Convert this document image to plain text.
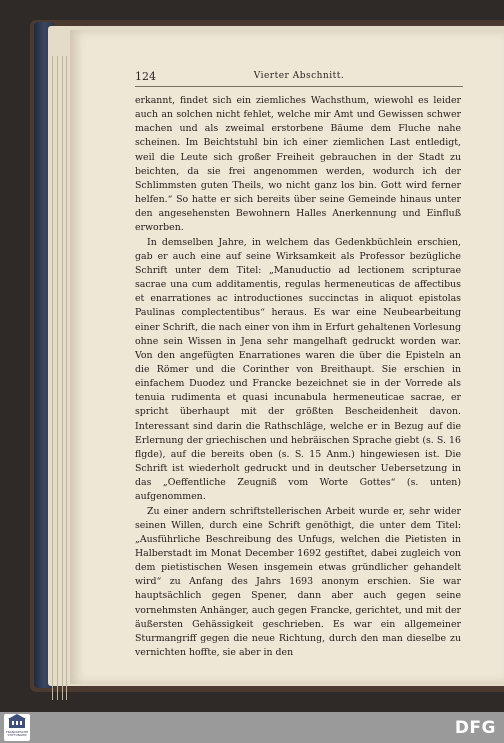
124	Vierter Abschnitt.

erkannt, findet sich ein ziemliches Wachsthum, wiewohl es leider auch an solchen nicht fehlet, welche mir Amt und Gewissen schwer machen und als zweimal erstorbene Bäume dem Fluche nahe scheinen. Im Beichtstuhl bin ich einer ziemlichen Last entledigt, weil die Leute sich großer Freiheit gebrauchen in der Stadt zu beichten, da sie frei angenommen werden, wodurch ich der Schlimmsten guten Theils, wo nicht ganz los bin. Gott wird ferner helfen.“ So hatte er sich bereits über seine Gemeinde hinaus unter den angesehensten Bewohnern Halles Anerkennung und Einfluß erworben.

In demselben Jahre, in welchem das Gedenkbüchlein erschien, gab er auch eine auf seine Wirksamkeit als Professor bezügliche Schrift unter dem Titel: „Manuductio ad lectionem scripturae sacrae una cum additamentis, regulas hermeneuticas de affectibus et enarrationes ac introductiones succinctas in aliquot epistolas Paulinas complectentibus“ heraus. Es war eine Neubearbeitung einer Schrift, die nach einer von ihm in Erfurt gehaltenen Vorlesung ohne sein Wissen in Jena sehr mangelhaft gedruckt worden war. Von den angefügten Enarrationes waren die über die Episteln an die Römer und die Corinther von Breithaupt. Sie erschien in einfachem Duodez und Francke bezeichnet sie in der Vorrede als tenuia rudimenta et quasi incunabula hermeneuticae sacrae, er spricht überhaupt mit der größten Bescheidenheit davon. Interessant sind darin die Rathschläge, welche er in Bezug auf die Erlernung der griechischen und hebräischen Sprache giebt (s. S. 16 flgde), auf die bereits oben (s. S. 15 Anm.) hingewiesen ist. Die Schrift ist wiederholt gedruckt und in deutscher Uebersetzung in das „Oeffentliche Zeugniß vom Worte Gottes“ (s. unten) aufgenommen.

Zu einer andern schriftstellerischen Arbeit wurde er, sehr wider seinen Willen, durch eine Schrift genöthigt, die unter dem Titel: „Ausführliche Beschreibung des Unfugs, welchen die Pietisten in Halberstadt im Monat December 1692 gestiftet, dabei zugleich von dem pietistischen Wesen insgemein etwas gründlicher gehandelt wird“ zu Anfang des Jahrs 1693 anonym erschien. Sie war hauptsächlich gegen Spener, dann aber auch gegen seine vornehmsten Anhänger, auch gegen Francke, gerichtet, und mit der äußersten Gehässigkeit geschrieben. Es war ein allgemeiner Sturmangriff gegen die neue Richtung, durch den man dieselbe zu vernichten hoffte, sie aber in den

FRANCKESCHE STIFTUNGEN	DFG
